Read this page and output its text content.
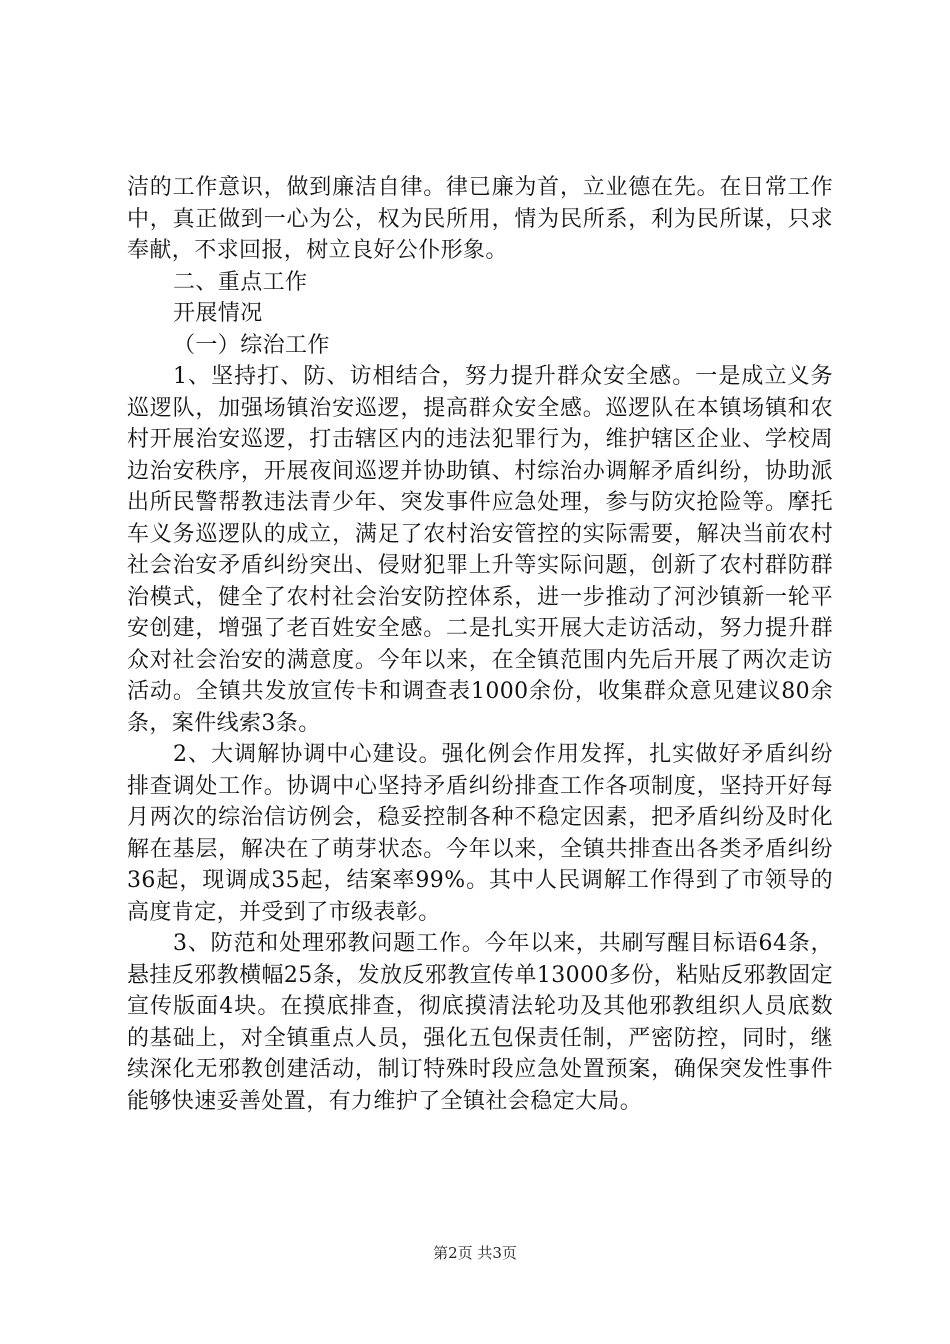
洁的工作意识，做到廉洁自律。律已廉为首，立业德在先。在日常工作中，真正做到一心为公，权为民所用，情为民所系，利为民所谋，只求奉献，不求回报，树立良好公仆形象。

二、重点工作

开展情况

（一）综治工作

1、坚持打、防、访相结合，努力提升群众安全感。一是成立义务巡逻队，加强场镇治安巡逻，提高群众安全感。巡逻队在本镇场镇和农村开展治安巡逻，打击辖区内的违法犯罪行为，维护辖区企业、学校周边治安秩序，开展夜间巡逻并协助镇、村综治办调解矛盾纠纷，协助派出所民警帮教违法青少年、突发事件应急处理，参与防灾抢险等。摩托车义务巡逻队的成立，满足了农村治安管控的实际需要，解决当前农村社会治安矛盾纠纷突出、侵财犯罪上升等实际问题，创新了农村群防群治模式，健全了农村社会治安防控体系，进一步推动了河沙镇新一轮平安创建，增强了老百姓安全感。二是扎实开展大走访活动，努力提升群众对社会治安的满意度。今年以来，在全镇范围内先后开展了两次走访活动。全镇共发放宣传卡和调查表1000余份，收集群众意见建议80余条，案件线索3条。

2、大调解协调中心建设。强化例会作用发挥，扎实做好矛盾纠纷排查调处工作。协调中心坚持矛盾纠纷排查工作各项制度，坚持开好每月两次的综治信访例会，稳妥控制各种不稳定因素，把矛盾纠纷及时化解在基层，解决在了萌芽状态。今年以来，全镇共排查出各类矛盾纠纷36起，现调成35起，结案率99%。其中人民调解工作得到了市领导的高度肯定，并受到了市级表彰。

3、防范和处理邪教问题工作。今年以来，共刷写醒目标语64条，悬挂反邪教横幅25条，发放反邪教宣传单13000多份，粘贴反邪教固定宣传版面4块。在摸底排查，彻底摸清法轮功及其他邪教组织人员底数的基础上，对全镇重点人员，强化五包保责任制，严密防控，同时，继续深化无邪教创建活动，制订特殊时段应急处置预案，确保突发性事件能够快速妥善处置，有力维护了全镇社会稳定大局。

第2页 共3页
